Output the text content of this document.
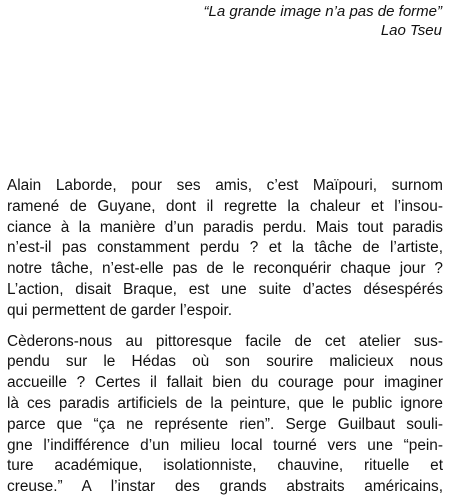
“La grande image n’a pas de forme”
Lao Tseu

Alain Laborde, pour ses amis, c’est Maïpouri, surnom
ramené de Guyane, dont il regrette la chaleur et l’insou-
ciance à la manière d’un paradis perdu. Mais tout paradis
n’est-il pas constamment perdu ? et la tâche de l’artiste,
notre tâche, n’est-elle pas de le reconquérir chaque jour ?
L’action, disait Braque, est une suite d’actes désespérés
qui permettent de garder l’espoir.

Cèderons-nous au pittoresque facile de cet atelier sus-
pendu sur le Hédas où son sourire malicieux nous
accueille ? Certes il fallait bien du courage pour imaginer
là ces paradis artificiels de la peinture, que le public ignore
parce que “ça ne représente rien”. Serge Guilbaut souli-
gne l’indifférence d’un milieu local tourné vers une “pein-
ture académique, isolationniste, chauvine, rituelle et
creuse.” A l’instar des grands abstraits américains,
